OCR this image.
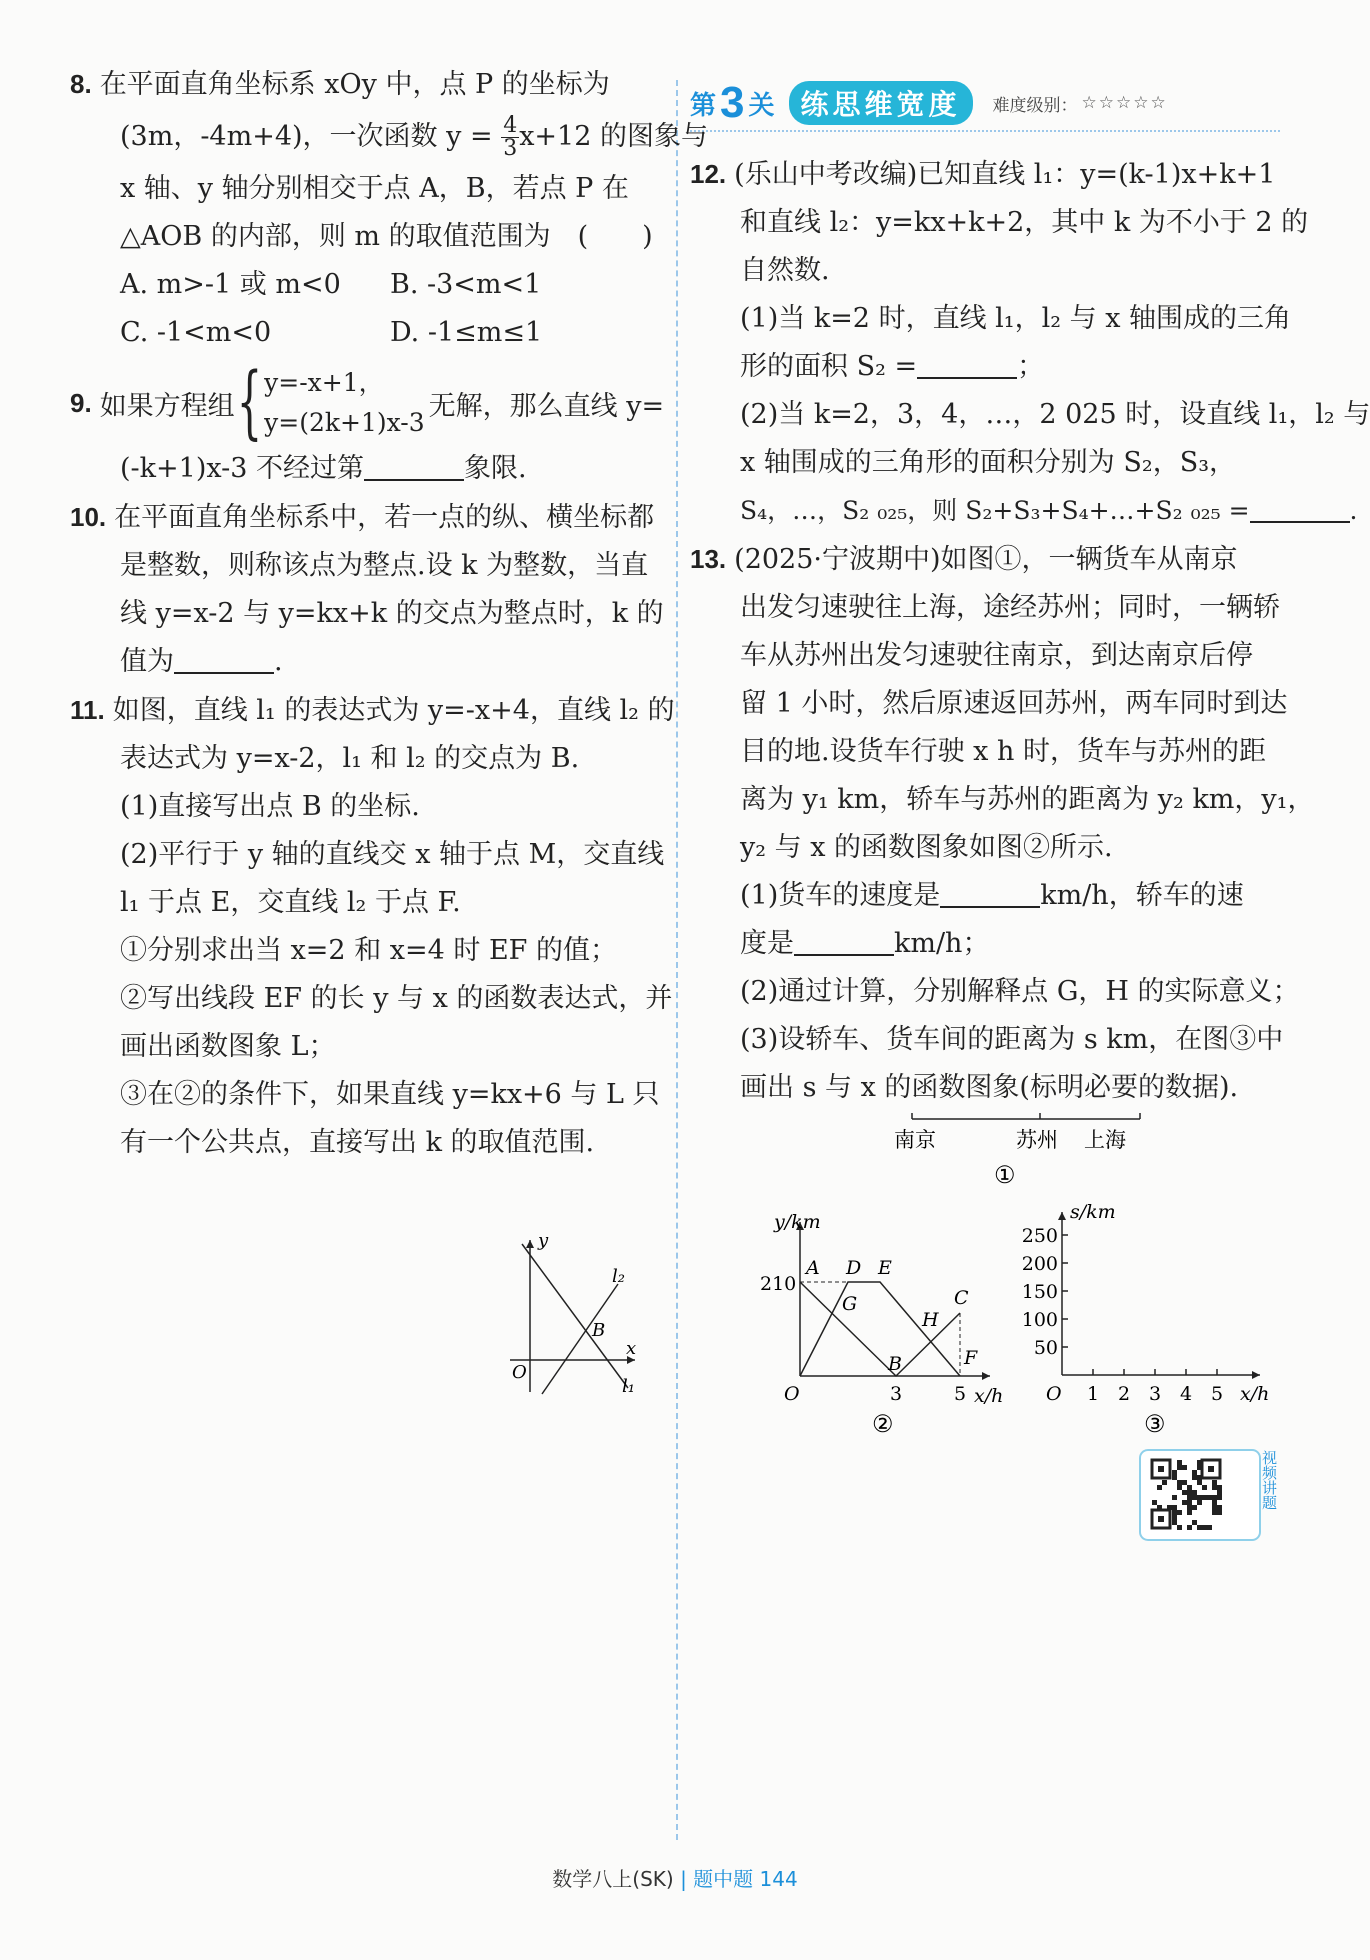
第 3 关 练思维宽度	难度级别： ☆☆☆☆☆
8. 在平面直角坐标系 xOy 中，点 P 的坐标为
(3m，-4m+4)，一次函数 $y = \frac{4}{3} x+12$ 的图象与
x 轴、y 轴分别相交于点 A，B，若点 P 在
△AOB 的内部，则 m 的取值范围为　(　　)
A. m>-1 或 m<0	B. -3<m<1
C. -1<m<0	D. -1≤m≤1
9. 如果方程组 { y=-x+1，
y=(2k+1)x-3
无解，那么直线 y=
(-k+1)x-3 不经过第	象限.
10. 在平面直角坐标系中，若一点的纵、横坐标都
是整数，则称该点为整点.设 k 为整数，当直
线 y=x-2 与 y=kx+k 的交点为整点时，k 的
值为	.
11. 如图，直线 l₁ 的表达式为 y=-x+4，直线 l₂ 的
表达式为 y=x-2，l₁ 和 l₂ 的交点为 B.
(1)直接写出点 B 的坐标.
(2)平行于 y 轴的直线交 x 轴于点 M，交直线
l₁ 于点 E，交直线 l₂ 于点 F.
①分别求出当 x=2 和 x=4 时 EF 的值；
②写出线段 EF 的长 y 与 x 的函数表达式，并
画出函数图象 L；
③在②的条件下，如果直线 y=kx+6 与 L 只
有一个公共点，直接写出 k 的取值范围.
y
x
O
l₂
l₁
B
12. (乐山中考改编)已知直线 l₁：y=(k-1)x+k+1
和直线 l₂：y=kx+k+2，其中 k 为不小于 2 的
自然数.
(1)当 k=2 时，直线 l₁，l₂ 与 x 轴围成的三角
形的面积 S₂ =	；
(2)当 k=2，3，4，…，2 025 时，设直线 l₁，l₂ 与
x 轴围成的三角形的面积分别为 S₂，S₃，
S₄，…，S₂ ₀₂₅，则 S₂+S₃+S₄+…+S₂ ₀₂₅ =	.
13. (2025·宁波期中)如图①，一辆货车从南京
出发匀速驶往上海，途经苏州；同时，一辆轿
车从苏州出发匀速驶往南京，到达南京后停
留 1 小时，然后原速返回苏州，两车同时到达
目的地.设货车行驶 x h 时，货车与苏州的距
离为 y₁ km，轿车与苏州的距离为 y₂ km，y₁，
y₂ 与 x 的函数图象如图②所示.
(1)货车的速度是	km/h，轿车的速
度是	km/h；
(2)通过计算，分别解释点 G，H 的实际意义；
(3)设轿车、货车间的距离为 s km，在图③中
画出 s 与 x 的函数图象(标明必要的数据).
南京	苏州 上海
①
y/km
210
O	3	5 x/h
A D E
G
H
C
B	F
②
250
200
150
100
50
1 2 3 4 5
s/km
O	x/h
③
视频讲题
数学八上(SK) | 题中题 144
